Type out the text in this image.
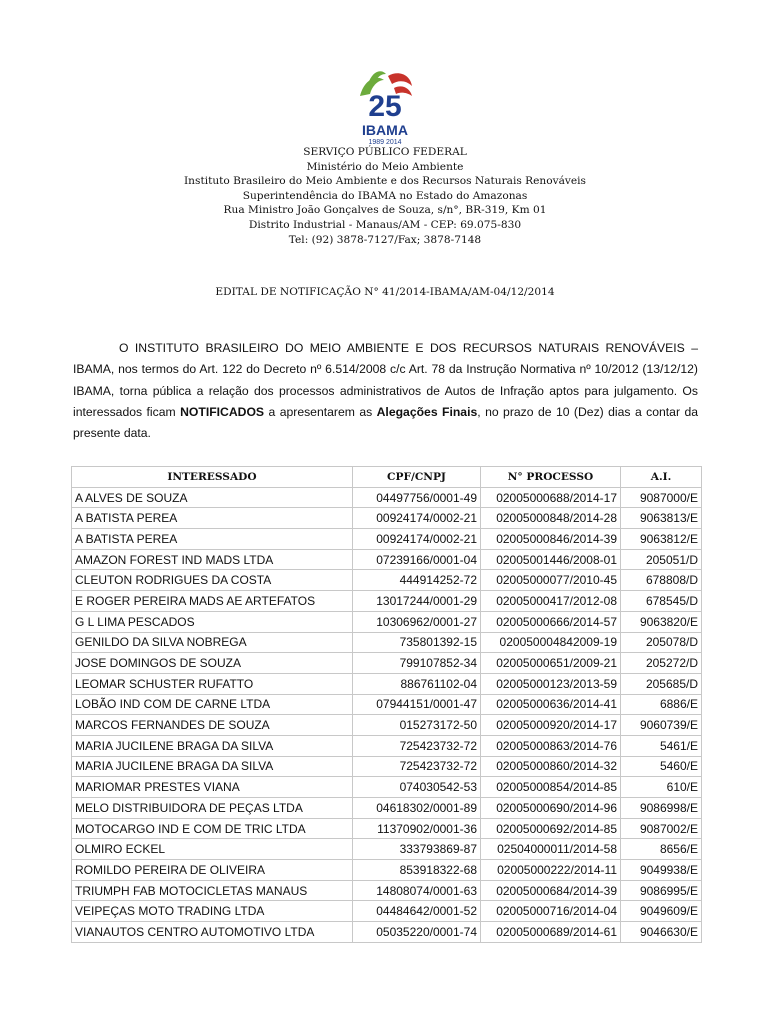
25
IBAMA
1989 2014
SERVIÇO PÚBLICO FEDERAL
Ministério do Meio Ambiente
Instituto Brasileiro do Meio Ambiente e dos Recursos Naturais Renováveis
Superintendência do IBAMA no Estado do Amazonas
Rua Ministro João Gonçalves de Souza, s/n°, BR-319, Km 01
Distrito Industrial - Manaus/AM - CEP: 69.075-830
Tel: (92) 3878-7127/Fax; 3878-7148
EDITAL DE NOTIFICAÇÃO N° 41/2014-IBAMA/AM-04/12/2014
O INSTITUTO BRASILEIRO DO MEIO AMBIENTE E DOS RECURSOS NATURAIS RENOVÁVEIS – IBAMA, nos termos do Art. 122 do Decreto nº 6.514/2008 c/c Art. 78 da Instrução Normativa nº 10/2012 (13/12/12) IBAMA, torna pública a relação dos processos administrativos de Autos de Infração aptos para julgamento. Os interessados ficam NOTIFICADOS a apresentarem as Alegações Finais, no prazo de 10 (Dez) dias a contar da presente data.
INTERESSADO	CPF/CNPJ	N° PROCESSO	A.I.
A ALVES DE SOUZA	04497756/0001-49	02005000688/2014-17	9087000/E
A BATISTA PEREA	00924174/0002-21	02005000848/2014-28	9063813/E
A BATISTA PEREA	00924174/0002-21	02005000846/2014-39	9063812/E
AMAZON FOREST IND MADS LTDA	07239166/0001-04	02005001446/2008-01	205051/D
CLEUTON RODRIGUES DA COSTA	444914252-72	02005000077/2010-45	678808/D
E ROGER PEREIRA MADS AE ARTEFATOS	13017244/0001-29	02005000417/2012-08	678545/D
G L LIMA PESCADOS	10306962/0001-27	02005000666/2014-57	9063820/E
GENILDO DA SILVA NOBREGA	735801392-15	020050004842009-19	205078/D
JOSE DOMINGOS DE SOUZA	799107852-34	02005000651/2009-21	205272/D
LEOMAR SCHUSTER RUFATTO	886761102-04	02005000123/2013-59	205685/D
LOBÃO IND COM DE CARNE LTDA	07944151/0001-47	02005000636/2014-41	6886/E
MARCOS FERNANDES DE SOUZA	015273172-50	02005000920/2014-17	9060739/E
MARIA JUCILENE BRAGA DA SILVA	725423732-72	02005000863/2014-76	5461/E
MARIA JUCILENE BRAGA DA SILVA	725423732-72	02005000860/2014-32	5460/E
MARIOMAR PRESTES VIANA	074030542-53	02005000854/2014-85	610/E
MELO DISTRIBUIDORA DE PEÇAS LTDA	04618302/0001-89	02005000690/2014-96	9086998/E
MOTOCARGO IND E COM DE TRIC LTDA	11370902/0001-36	02005000692/2014-85	9087002/E
OLMIRO ECKEL	333793869-87	02504000011/2014-58	8656/E
ROMILDO PEREIRA DE OLIVEIRA	853918322-68	02005000222/2014-11	9049938/E
TRIUMPH FAB MOTOCICLETAS MANAUS	14808074/0001-63	02005000684/2014-39	9086995/E
VEIPEÇAS MOTO TRADING LTDA	04484642/0001-52	02005000716/2014-04	9049609/E
VIANAUTOS CENTRO AUTOMOTIVO LTDA	05035220/0001-74	02005000689/2014-61	9046630/E
